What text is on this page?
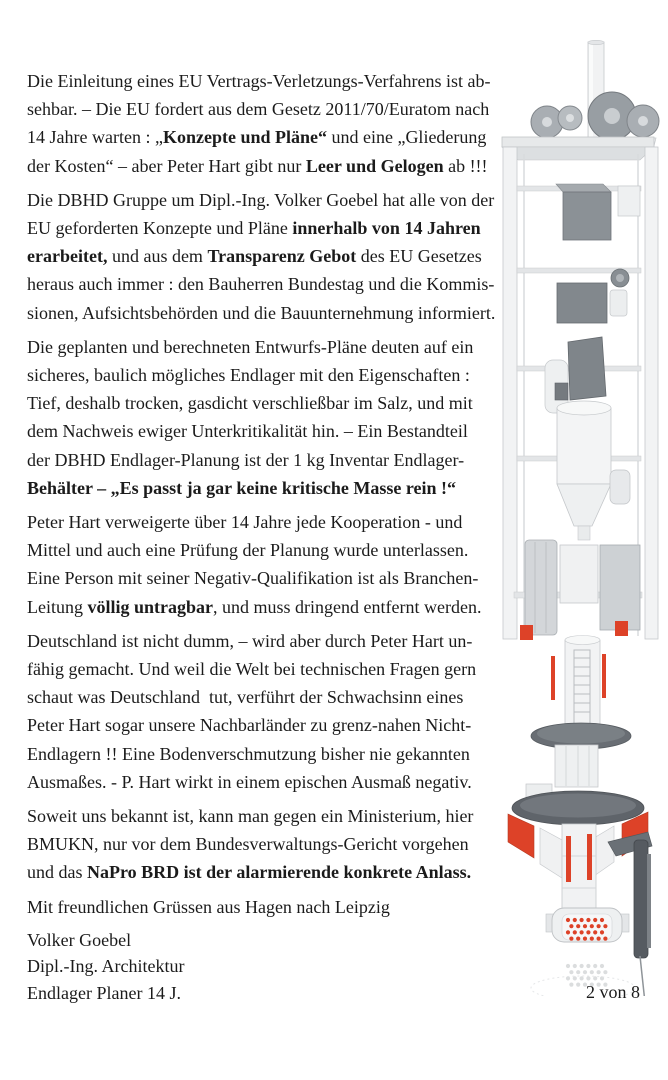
Die Einleitung eines EU Vertrags-Verletzungs-Verfahrens ist ab-
sehbar. – Die EU fordert aus dem Gesetz 2011/70/Euratom nach
14 Jahre warten : „Konzepte und Pläne“ und eine „Gliederung
der Kosten“ – aber Peter Hart gibt nur Leer und Gelogen ab !!!
Die DBHD Gruppe um Dipl.-Ing. Volker Goebel hat alle von der
EU geforderten Konzepte und Pläne innerhalb von 14 Jahren
erarbeitet, und aus dem Transparenz Gebot des EU Gesetzes
heraus auch immer : den Bauherren Bundestag und die Kommis-
sionen, Aufsichtsbehörden und die Bauunternehmung informiert.
Die geplanten und berechneten Entwurfs-Pläne deuten auf ein
sicheres, baulich mögliches Endlager mit den Eigenschaften :
Tief, deshalb trocken, gasdicht verschließbar im Salz, und mit
dem Nachweis ewiger Unterkritikalität hin. – Ein Bestandteil
der DBHD Endlager-Planung ist der 1 kg Inventar Endlager-
Behälter – „Es passt ja gar keine kritische Masse rein !“
Peter Hart verweigerte über 14 Jahre jede Kooperation - und
Mittel und auch eine Prüfung der Planung wurde unterlassen.
Eine Person mit seiner Negativ-Qualifikation ist als Branchen-
Leitung völlig untragbar, und muss dringend entfernt werden.
Deutschland ist nicht dumm, – wird aber durch Peter Hart un-
fähig gemacht. Und weil die Welt bei technischen Fragen gern
schaut was Deutschland  tut, verführt der Schwachsinn eines
Peter Hart sogar unsere Nachbarländer zu grenz-nahen Nicht-
Endlagern !! Eine Bodenverschmutzung bisher nie gekannten
Ausmaßes. - P. Hart wirkt in einem epischen Ausmaß negativ.
Soweit uns bekannt ist, kann man gegen ein Ministerium, hier
BMUKN, nur vor dem Bundesverwaltungs-Gericht vorgehen
und das NaPro BRD ist der alarmierende konkrete Anlass.
Mit freundlichen Grüssen aus Hagen nach Leipzig
Volker Goebel
Dipl.-Ing. Architektur
Endlager Planer 14 J.	2 von 8
